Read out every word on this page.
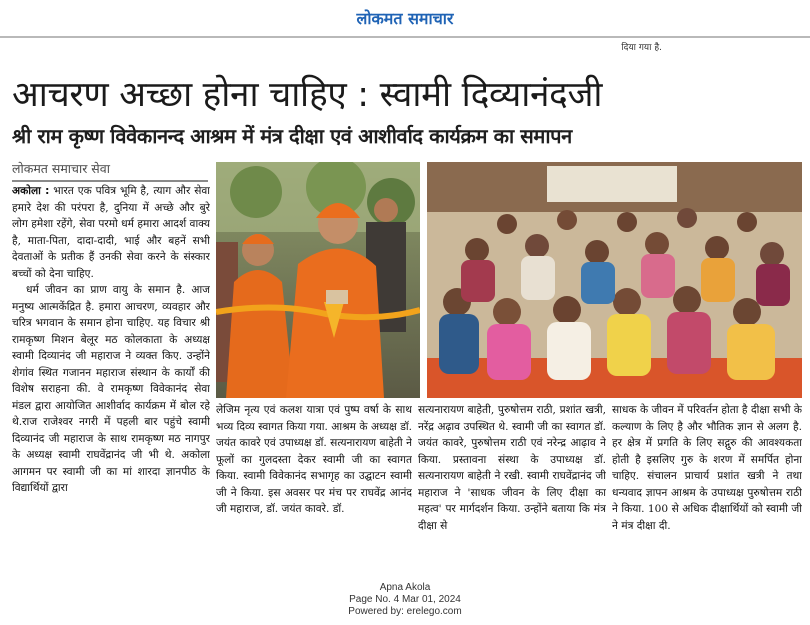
लोकमत समाचार
दिया गया है.
आचरण अच्छा होना चाहिए : स्वामी दिव्यानंदजी
श्री राम कृष्ण विवेकानन्द आश्रम में मंत्र दीक्षा एवं आशीर्वाद कार्यक्रम का समापन
लोकमत समाचार सेवा

अकोला : भारत एक पवित्र भूमि है, त्याग और सेवा हमारे देश की परंपरा है, दुनिया में अच्छे और बुरे लोग हमेशा रहेंगे, सेवा परमो धर्म हमारा आदर्श वाक्य है, माता-पिता, दादा-दादी, भाई और बहनें सभी देवताओं के प्रतीक हैं उनकी सेवा करने के संस्कार बच्चों को देना चाहिए.

धर्म जीवन का प्राण वायु के समान है. आज मनुष्य आत्मकेंद्रित है. हमारा आचरण, व्यवहार और चरित्र भगवान के समान होना चाहिए. यह विचार श्री रामकृष्ण मिशन बेलूर मठ कोलकाता के अध्यक्ष स्वामी दिव्यानंद जी महाराज ने व्यक्त किए. उन्होंने शेगांव स्थित गजानन महाराज संस्थान के कार्यों की विशेष सराहना की. वे रामकृष्ण विवेकानंद सेवा मंडल द्वारा आयोजित आशीर्वाद कार्यक्रम में बोल रहे थे.राज राजेश्वर नगरी में पहली बार पहुंचे स्वामी दिव्यानंद जी महाराज के साथ रामकृष्ण मठ नागपुर के अध्यक्ष स्वामी राघवेंद्रानंद जी भी थे. अकोला आगमन पर स्वामी जी का मां शारदा ज्ञानपीठ के विद्यार्थियों द्वारा

लेजिम नृत्य एवं कलश यात्रा एवं पुष्प वर्षा के साथ भव्य दिव्य स्वागत किया गया. आश्रम के अध्यक्ष डॉ. जयंत कावरे एवं उपाध्यक्ष डॉ. सत्यनारायण बाहेती ने फूलों का गुलदस्ता देकर स्वामी जी का स्वागत किया. स्वामी विवेकानंद सभागृह का उद्घाटन स्वामी जी ने किया. इस अवसर पर मंच पर राघवेंद्र आनंद जी महाराज, डॉ. जयंत कावरे. डॉ.

सत्यनारायण बाहेती, पुरुषोत्तम राठी, प्रशांत खत्री, नरेंद्र अढ़ाव उपस्थित थे. स्वामी जी का स्वागत डॉ. जयंत कावरे, पुरुषोत्तम राठी एवं नरेन्द्र आढ़ाव ने किया. प्रस्तावना संस्था के उपाध्यक्ष डॉ. सत्यनारायण बाहेती ने रखी. स्वामी राघवेंद्रानंद जी महाराज ने 'साधक जीवन के लिए दीक्षा का महत्व' पर मार्गदर्शन किया. उन्होंने बताया कि मंत्र दीक्षा से

साधक के जीवन में परिवर्तन होता है दीक्षा सभी के कल्याण के लिए है और भौतिक ज्ञान से अलग है. हर क्षेत्र में प्रगति के लिए सद्गुरु की आवश्यकता होती है इसलिए गुरु के शरण में समर्पित होना चाहिए. संचालन प्राचार्य प्रशांत खत्री ने तथा धन्यवाद ज्ञापन आश्रम के उपाध्यक्ष पुरुषोत्तम राठी ने किया. 100 से अधिक दीक्षार्थियों को स्वामी जी ने मंत्र दीक्षा दी.

Apna Akola
Page No. 4 Mar 01, 2024
Powered by: erelego.com
